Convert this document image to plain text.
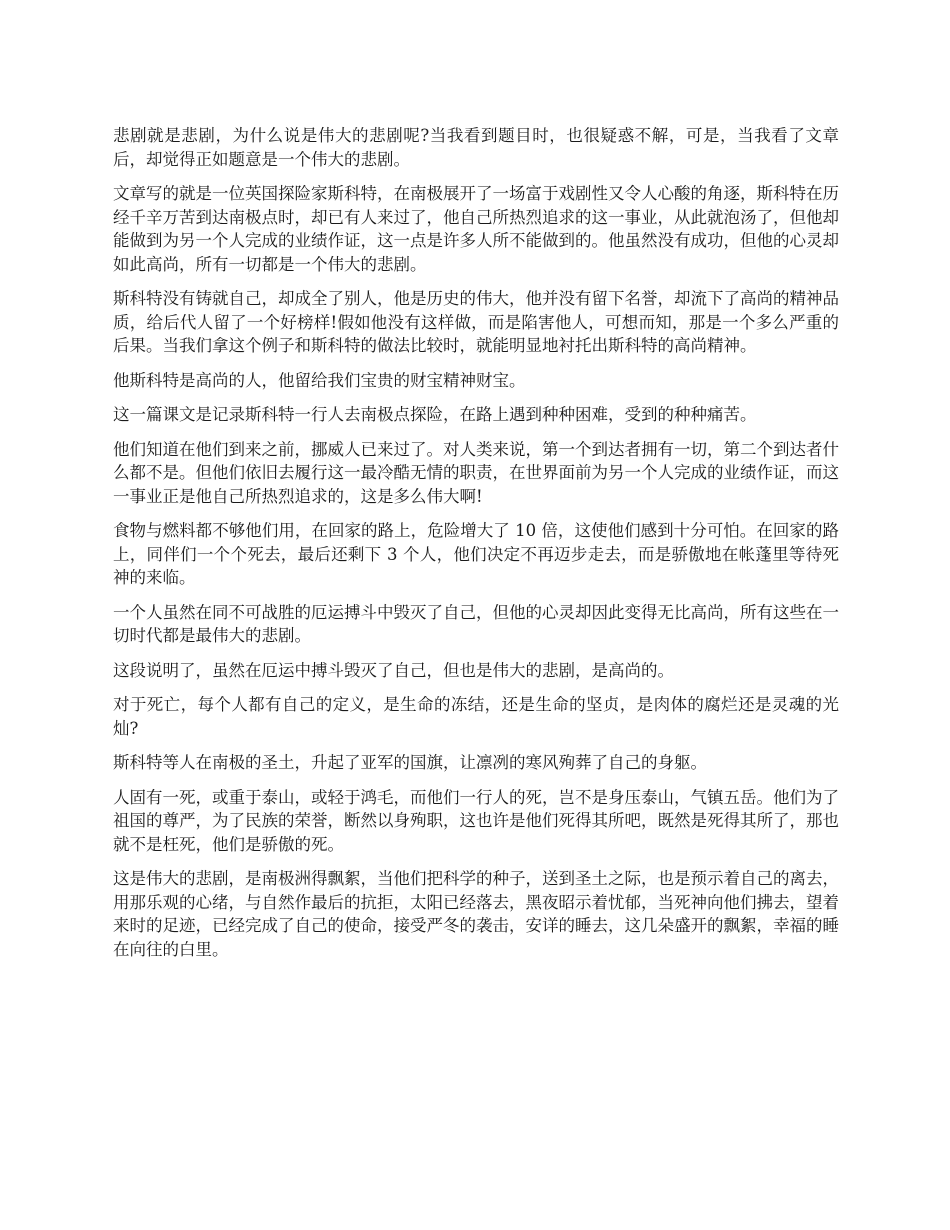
悲剧就是悲剧，为什么说是伟大的悲剧呢?当我看到题目时，也很疑惑不解，可是，当我看了文章后，却觉得正如题意是一个伟大的悲剧。

文章写的就是一位英国探险家斯科特，在南极展开了一场富于戏剧性又令人心酸的角逐，斯科特在历经千辛万苦到达南极点时，却已有人来过了，他自己所热烈追求的这一事业，从此就泡汤了，但他却能做到为另一个人完成的业绩作证，这一点是许多人所不能做到的。他虽然没有成功，但他的心灵却如此高尚，所有一切都是一个伟大的悲剧。

斯科特没有铸就自己，却成全了别人，他是历史的伟大，他并没有留下名誉，却流下了高尚的精神品质，给后代人留了一个好榜样!假如他没有这样做，而是陷害他人，可想而知，那是一个多么严重的后果。当我们拿这个例子和斯科特的做法比较时，就能明显地衬托出斯科特的高尚精神。

他斯科特是高尚的人，他留给我们宝贵的财宝精神财宝。

这一篇课文是记录斯科特一行人去南极点探险，在路上遇到种种困难，受到的种种痛苦。

他们知道在他们到来之前，挪威人已来过了。对人类来说，第一个到达者拥有一切，第二个到达者什么都不是。但他们依旧去履行这一最冷酷无情的职责，在世界面前为另一个人完成的业绩作证，而这一事业正是他自己所热烈追求的，这是多么伟大啊!

食物与燃料都不够他们用，在回家的路上，危险增大了 10 倍，这使他们感到十分可怕。在回家的路上，同伴们一个个死去，最后还剩下 3 个人，他们决定不再迈步走去，而是骄傲地在帐蓬里等待死神的来临。

一个人虽然在同不可战胜的厄运搏斗中毁灭了自己，但他的心灵却因此变得无比高尚，所有这些在一切时代都是最伟大的悲剧。

这段说明了，虽然在厄运中搏斗毁灭了自己，但也是伟大的悲剧，是高尚的。

对于死亡，每个人都有自己的定义，是生命的冻结，还是生命的坚贞，是肉体的腐烂还是灵魂的光灿?

斯科特等人在南极的圣土，升起了亚军的国旗，让凛冽的寒风殉葬了自己的身躯。

人固有一死，或重于泰山，或轻于鸿毛，而他们一行人的死，岂不是身压泰山，气镇五岳。他们为了祖国的尊严，为了民族的荣誉，断然以身殉职，这也许是他们死得其所吧，既然是死得其所了，那也就不是枉死，他们是骄傲的死。

这是伟大的悲剧，是南极洲得飘絮，当他们把科学的种子，送到圣土之际，也是预示着自己的离去，用那乐观的心绪，与自然作最后的抗拒，太阳已经落去，黑夜昭示着忧郁，当死神向他们拂去，望着来时的足迹，已经完成了自己的使命，接受严冬的袭击，安详的睡去，这几朵盛开的飘絮，幸福的睡在向往的白里。
